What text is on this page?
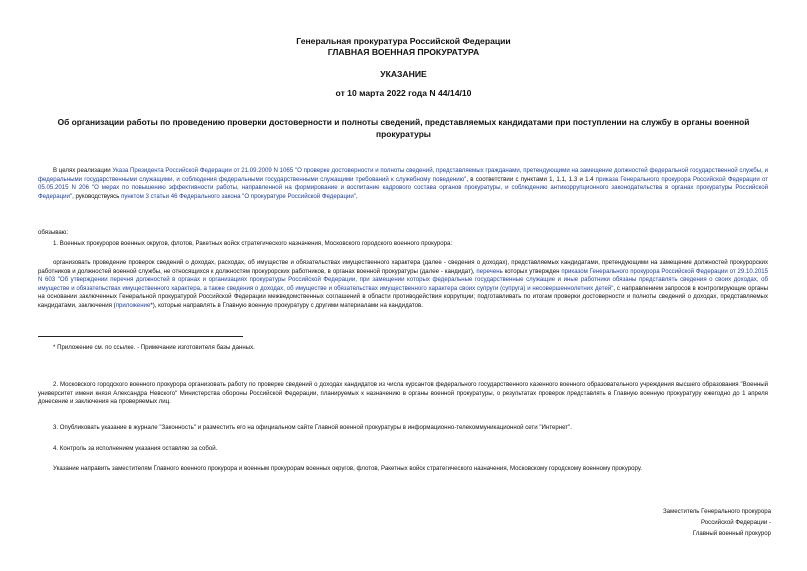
Генеральная прокуратура Российской Федерации
ГЛАВНАЯ ВОЕННАЯ ПРОКУРАТУРА
УКАЗАНИЕ
от 10 марта 2022 года N 44/14/10
Об организации работы по проведению проверки достоверности и полноты сведений, представляемых кандидатами при поступлении на службу в органы военной прокуратуры
В целях реализации Указа Президента Российской Федерации от 21.09.2009 N 1065 "О проверке достоверности и полноты сведений, представляемых гражданами, претендующими на замещение должностей федеральной государственной службы, и федеральными государственными служащими, и соблюдения федеральными государственными служащими требований к служебному поведению", в соответствии с пунктами 1, 1.1, 1.3 и 1.4 приказа Генерального прокурора Российской Федерации от 05.05.2015 N 206 "О мерах по повышению эффективности работы, направленной на формирование и воспитание кадрового состава органов прокуратуры, и соблюдению антикоррупционного законодательства в органах прокуратуры Российской Федерации", руководствуясь пунктом 3 статьи 46 Федерального закона "О прокуратуре Российской Федерации",
обязываю:
1. Военных прокуроров военных округов, флотов, Ракетных войск стратегического назначения, Московского городского военного прокурора:
организовать проведение проверок сведений о доходах, расходах, об имуществе и обязательствах имущественного характера (далее - сведения о доходах), представляемых кандидатами, претендующими на замещение должностей прокурорских работников и должностей военной службы, не относящихся к должностям прокурорских работников, в органах военной прокуратуры (далее - кандидат), перечень которых утвержден приказом Генерального прокурора Российской Федерации от 29.10.2015 N 603 "Об утверждении перечня должностей в органах и организациях прокуратуры Российской Федерации, при замещении которых федеральные государственные служащие и иные работники обязаны представлять сведения о своих доходах, об имуществе и обязательствах имущественного характера, а также сведения о доходах, об имуществе и обязательствах имущественного характера своих супруги (супруга) и несовершеннолетних детей", с направлением запросов в контролирующие органы на основании заключенных Генеральной прокуратурой Российской Федерации межведомственных соглашений в области противодействия коррупции; подготавливать по итогам проверки достоверности и полноты сведений о доходах, представляемых кандидатами, заключения (приложение*), которые направлять в Главную военную прокуратуру с другими материалами на кандидатов.
* Приложение см. по ссылке. - Примечание изготовителя базы данных.
2. Московского городского военного прокурора организовать работу по проверке сведений о доходах кандидатов из числа курсантов федерального государственного казенного военного образовательного учреждения высшего образования "Военный университет имени князя Александра Невского" Министерства обороны Российской Федерации, планируемых к назначению в органы военной прокуратуры, о результатах проверок представлять в Главную военную прокуратуру ежегодно до 1 апреля донесение и заключения на проверяемых лиц.
3. Опубликовать указание в журнале "Законность" и разместить его на официальном сайте Главной военной прокуратуры в информационно-телекоммуникационной сети "Интернет".
4. Контроль за исполнением указания оставляю за собой.
Указание направить заместителям Главного военного прокурора и военным прокурорам военных округов, флотов, Ракетных войск стратегического назначения, Московскому городскому военному прокурору.
Заместитель Генерального прокурора
Российской Федерации -
Главный военный прокурор
